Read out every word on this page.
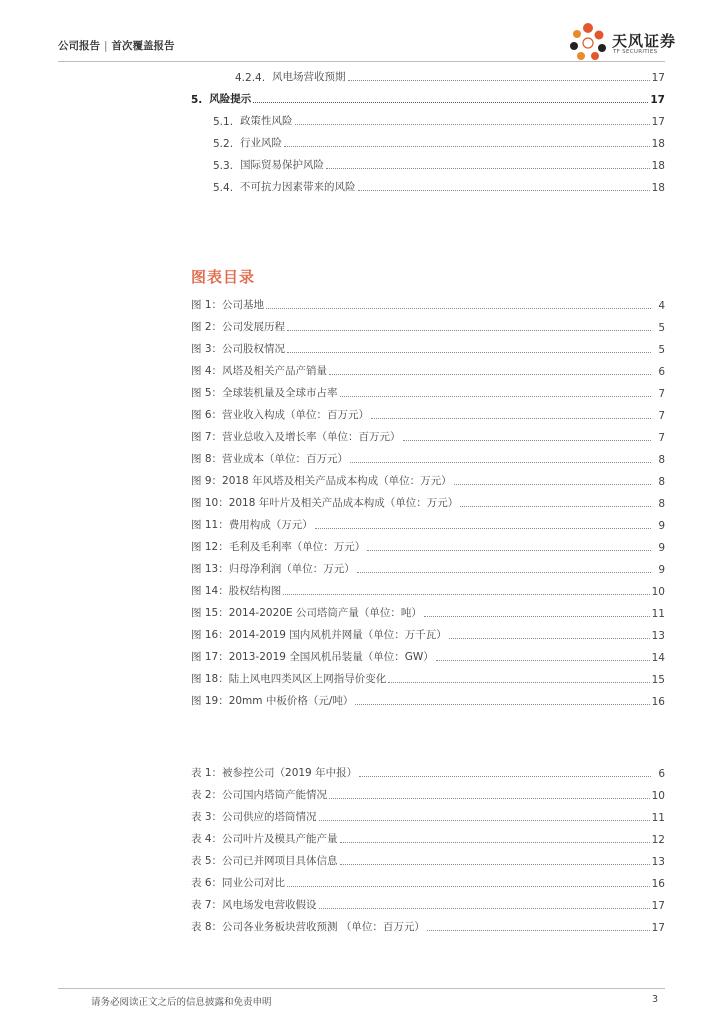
公司报告 | 首次覆盖报告	天风证券
TF SECURITIES
4.2.4. 风电场营收预期	17
5. 风险提示	17
5.1. 政策性风险	17
5.2. 行业风险	18
5.3. 国际贸易保护风险	18
5.4. 不可抗力因素带来的风险	18
图表目录
图 1：公司基地	4
图 2：公司发展历程	5
图 3：公司股权情况	5
图 4：风塔及相关产品产销量	6
图 5：全球装机量及全球市占率	7
图 6：营业收入构成（单位：百万元）	7
图 7：营业总收入及增长率（单位：百万元）	7
图 8：营业成本（单位：百万元）	8
图 9：2018 年风塔及相关产品成本构成（单位：万元）	8
图 10：2018 年叶片及相关产品成本构成（单位：万元）	8
图 11：费用构成（万元）	9
图 12：毛利及毛利率（单位：万元）	9
图 13：归母净利润（单位：万元）	9
图 14：股权结构图	10
图 15：2014-2020E 公司塔筒产量（单位：吨）	11
图 16：2014-2019 国内风机并网量（单位：万千瓦）	13
图 17：2013-2019 全国风机吊装量（单位：GW）	14
图 18：陆上风电四类风区上网指导价变化	15
图 19：20mm 中板价格（元/吨）	16
表 1：被参控公司（2019 年中报）	6
表 2：公司国内塔筒产能情况	10
表 3：公司供应的塔筒情况	11
表 4：公司叶片及模具产能产量	12
表 5：公司已并网项目具体信息	13
表 6：同业公司对比	16
表 7：风电场发电营收假设	17
表 8：公司各业务板块营收预测 （单位：百万元）	17
请务必阅读正文之后的信息披露和免责申明	3
